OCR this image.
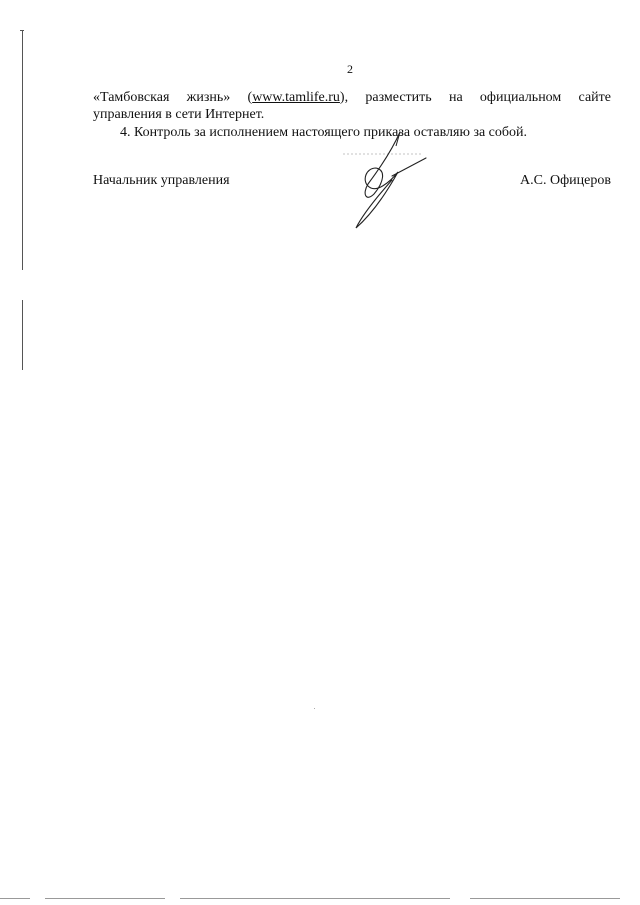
2
«Тамбовская жизнь» (www.tamlife.ru), разместить на официальном сайте
управления в сети Интернет.
4. Контроль за исполнением настоящего приказа оставляю за собой.
Начальник управления	А.С. Офицеров
